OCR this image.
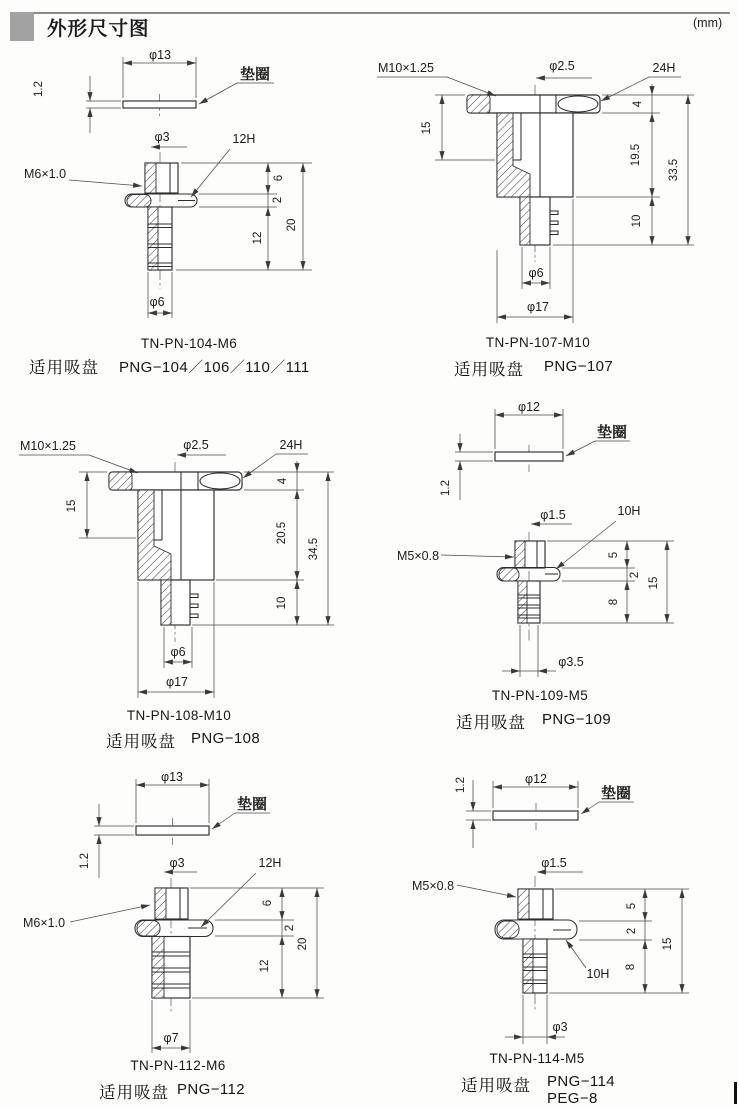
外形尺寸图	(mm)
φ13
1.2
垫圈
φ3
M6×1.0
12H
6
2
12
20
φ6
M10×1.25	φ2.5	24H
15
4
19.5
10
33.5
φ6
φ17
M10×1.25	φ2.5	24H
15
4
20.5
10
34.5
φ6
φ17
φ12
1.2
垫圈
φ1.5	10H
M5×0.8	5
2
8
15
φ3.5
φ13
1.2
垫圈
φ3
M6×1.0
12H
6
2
12
20
φ7
φ12
1.2	垫圈
φ1.5
M5×0.8
10H
5
2
8
15
φ3
TN-PN-104-M6
适用吸盘 PNG−104／106／110／111
TN-PN-107-M10
适用吸盘 PNG−107
TN-PN-108-M10
适用吸盘 PNG−108
TN-PN-109-M5
适用吸盘 PNG−109
TN-PN-112-M6
适用吸盘 PNG−112
TN-PN-114-M5
适用吸盘 PNG−114
PEG−8
